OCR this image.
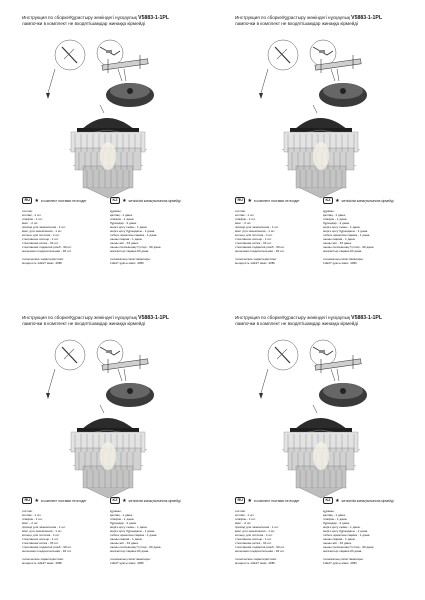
Инструкция по сборке/Құрастыру жөніндегі нұсқаулық V5883-1-1PL
лампочки в комплект не входят/шамдар жинаққа кірмейді
RU ★ в комплект поставки не входит	KZ ★ жеткізілім жинақтылығына кірмейді
состав:
колпак - 1 шт.
плафон - 1 шт.
винт - 2 шт.
провод для заземления - 1 шт.
винт для заземления - 1 шт.
кольцо для потолка - 1 шт.
стеклянное кольцо - 1 шт.
стеклянная нитка - 33 шт.
стеклянная подвеска рожб - 90 шт.
железная соединительная - 93 шт.
технические характеристики:
мощность 1хE27 макс. 40Вт
құрамы:
қалпақ - 1 дана.
плафон - 1 дана.
бұрандар - 2 дана.
жерге қосу сымы - 1 дана.
жерге қосу бұрандасы - 1 дана.
төбеге арналған сақина - 1 дана.
шыны сақина - 1 дана.
шыны жіп - 33 дана.
шыны салпыншақ Гүлтар - 90 дана
жалғастыр сақина-93 дана.
техникалық сипаттамалары:
1xE27 қуаты макс. 40Вт
Инструкция по сборке/Құрастыру жөніндегі нұсқаулық V5883-1-1PL
лампочки в комплект не входят/шамдар жинаққа кірмейді
RU ★ в комплект поставки не входит	KZ ★ жеткізілім жинақтылығына кірмейді
состав:
колпак - 1 шт.
плафон - 1 шт.
винт - 2 шт.
провод для заземления - 1 шт.
винт для заземления - 1 шт.
кольцо для потолка - 1 шт.
стеклянное кольцо - 1 шт.
стеклянная нитка - 33 шт.
стеклянная подвеска рожб - 90 шт.
железная соединительная - 93 шт.
технические характеристики:
мощность 1хE27 макс. 40Вт
құрамы:
қалпақ - 1 дана.
плафон - 1 дана.
бұрандар - 2 дана.
жерге қосу сымы - 1 дана.
жерге қосу бұрандасы - 1 дана.
төбеге арналған сақина - 1 дана.
шыны сақина - 1 дана.
шыны жіп - 33 дана.
шыны салпыншақ Гүлтар - 90 дана
жалғастыр сақина-93 дана.
техникалық сипаттамалары:
1xE27 қуаты макс. 40Вт
Инструкция по сборке/Құрастыру жөніндегі нұсқаулық V5883-1-1PL
лампочки в комплект не входят/шамдар жинаққа кірмейді
RU ★ в комплект поставки не входит	KZ ★ жеткізілім жинақтылығына кірмейді
состав:
колпак - 1 шт.
плафон - 1 шт.
винт - 2 шт.
провод для заземления - 1 шт.
винт для заземления - 1 шт.
кольцо для потолка - 1 шт.
стеклянное кольцо - 1 шт.
стеклянная нитка - 33 шт.
стеклянная подвеска рожб - 90 шт.
железная соединительная - 93 шт.
технические характеристики:
мощность 1хE27 макс. 40Вт
құрамы:
қалпақ - 1 дана.
плафон - 1 дана.
бұрандар - 2 дана.
жерге қосу сымы - 1 дана.
жерге қосу бұрандасы - 1 дана.
төбеге арналған сақина - 1 дана.
шыны сақина - 1 дана.
шыны жіп - 33 дана.
шыны салпыншақ Гүлтар - 90 дана
жалғастыр сақина-93 дана.
техникалық сипаттамалары:
1xE27 қуаты макс. 40Вт
Инструкция по сборке/Құрастыру жөніндегі нұсқаулық V5883-1-1PL
лампочки в комплект не входят/шамдар жинаққа кірмейді
RU ★ в комплект поставки не входит	KZ ★ жеткізілім жинақтылығына кірмейді
состав:
колпак - 1 шт.
плафон - 1 шт.
винт - 2 шт.
провод для заземления - 1 шт.
винт для заземления - 1 шт.
кольцо для потолка - 1 шт.
стеклянное кольцо - 1 шт.
стеклянная нитка - 33 шт.
стеклянная подвеска рожб - 90 шт.
железная соединительная - 93 шт.
технические характеристики:
мощность 1хE27 макс. 40Вт
құрамы:
қалпақ - 1 дана.
плафон - 1 дана.
бұрандар - 2 дана.
жерге қосу сымы - 1 дана.
жерге қосу бұрандасы - 1 дана.
төбеге арналған сақина - 1 дана.
шыны сақина - 1 дана.
шыны жіп - 33 дана.
шыны салпыншақ Гүлтар - 90 дана
жалғастыр сақина-93 дана.
техникалық сипаттамалары:
1xE27 қуаты макс. 40Вт
